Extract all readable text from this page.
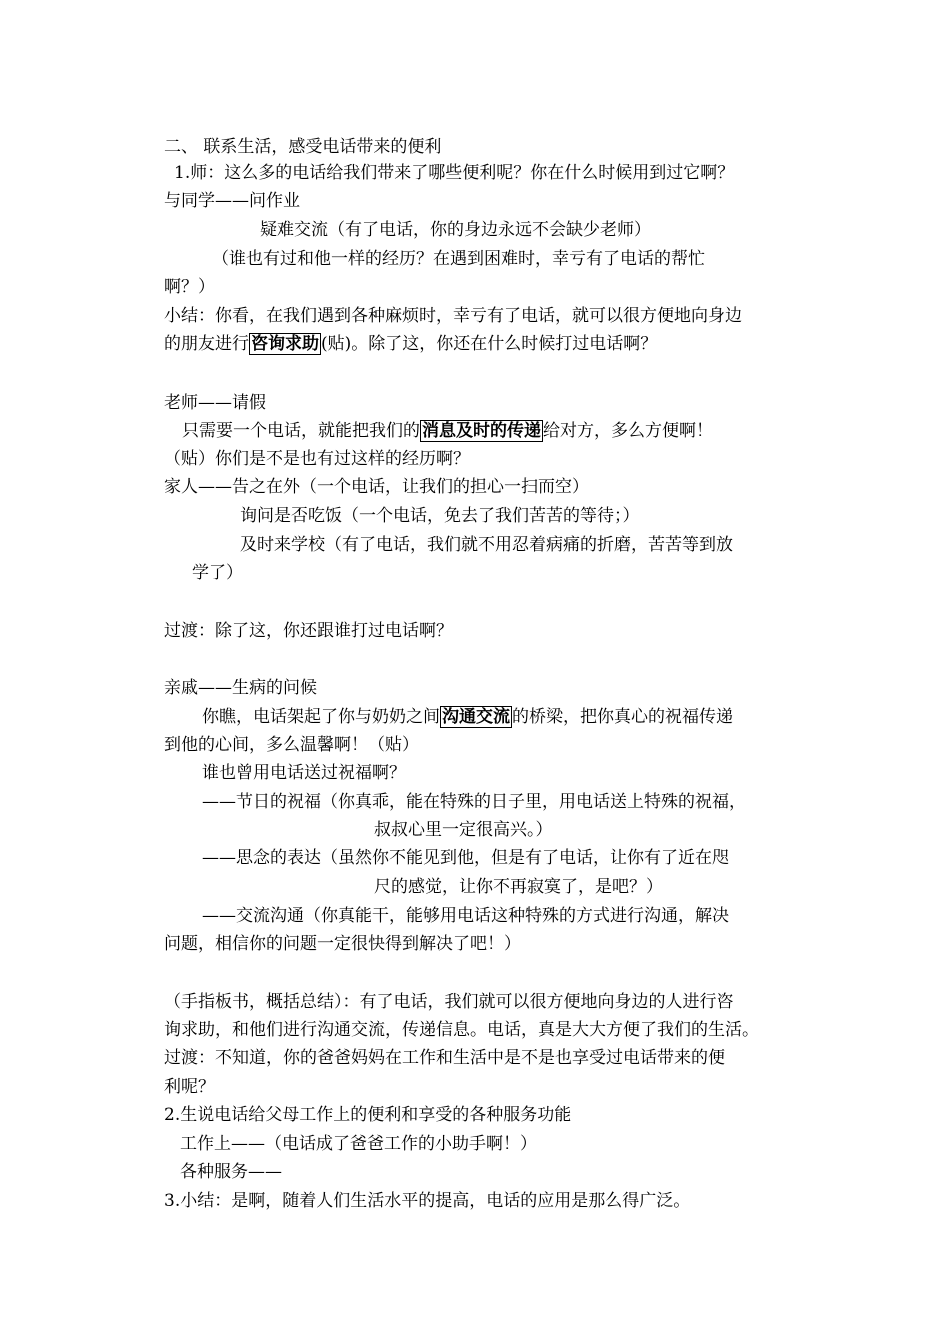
二、 联系生活，感受电话带来的便利
1.师：这么多的电话给我们带来了哪些便利呢？你在什么时候用到过它啊？
与同学——问作业
疑难交流（有了电话，你的身边永远不会缺少老师）
（谁也有过和他一样的经历？在遇到困难时，幸亏有了电话的帮忙
啊？）
小结：你看，在我们遇到各种麻烦时，幸亏有了电话，就可以很方便地向身边
的朋友进行 咨询求助 (贴)。除了这，你还在什么时候打过电话啊？
老师——请假
只需要一个电话，就能把我们的 消息及时的传递 给对方，多么方便啊！
（贴）你们是不是也有过这样的经历啊？
家人——告之在外（一个电话，让我们的担心一扫而空）
询问是否吃饭（一个电话，免去了我们苦苦的等待；）
及时来学校（有了电话，我们就不用忍着病痛的折磨，苦苦等到放
学了）
过渡：除了这，你还跟谁打过电话啊？
亲戚——生病的问候
你瞧，电话架起了你与奶奶之间 沟通交流 的桥梁，把你真心的祝福传递
到他的心间，多么温馨啊！（贴）
谁也曾用电话送过祝福啊？
——节日的祝福（你真乖，能在特殊的日子里，用电话送上特殊的祝福，
叔叔心里一定很高兴。）
——思念的表达（虽然你不能见到他，但是有了电话，让你有了近在咫
尺的感觉，让你不再寂寞了，是吧？）
——交流沟通（你真能干，能够用电话这种特殊的方式进行沟通，解决
问题，相信你的问题一定很快得到解决了吧！）
（手指板书，概括总结）：有了电话，我们就可以很方便地向身边的人进行咨
询求助，和他们进行沟通交流，传递信息。电话，真是大大方便了我们的生活。
过渡：不知道，你的爸爸妈妈在工作和生活中是不是也享受过电话带来的便
利呢？
2.生说电话给父母工作上的便利和享受的各种服务功能
工作上——（电话成了爸爸工作的小助手啊！）
各种服务——
3.小结：是啊，随着人们生活水平的提高，电话的应用是那么得广泛。
